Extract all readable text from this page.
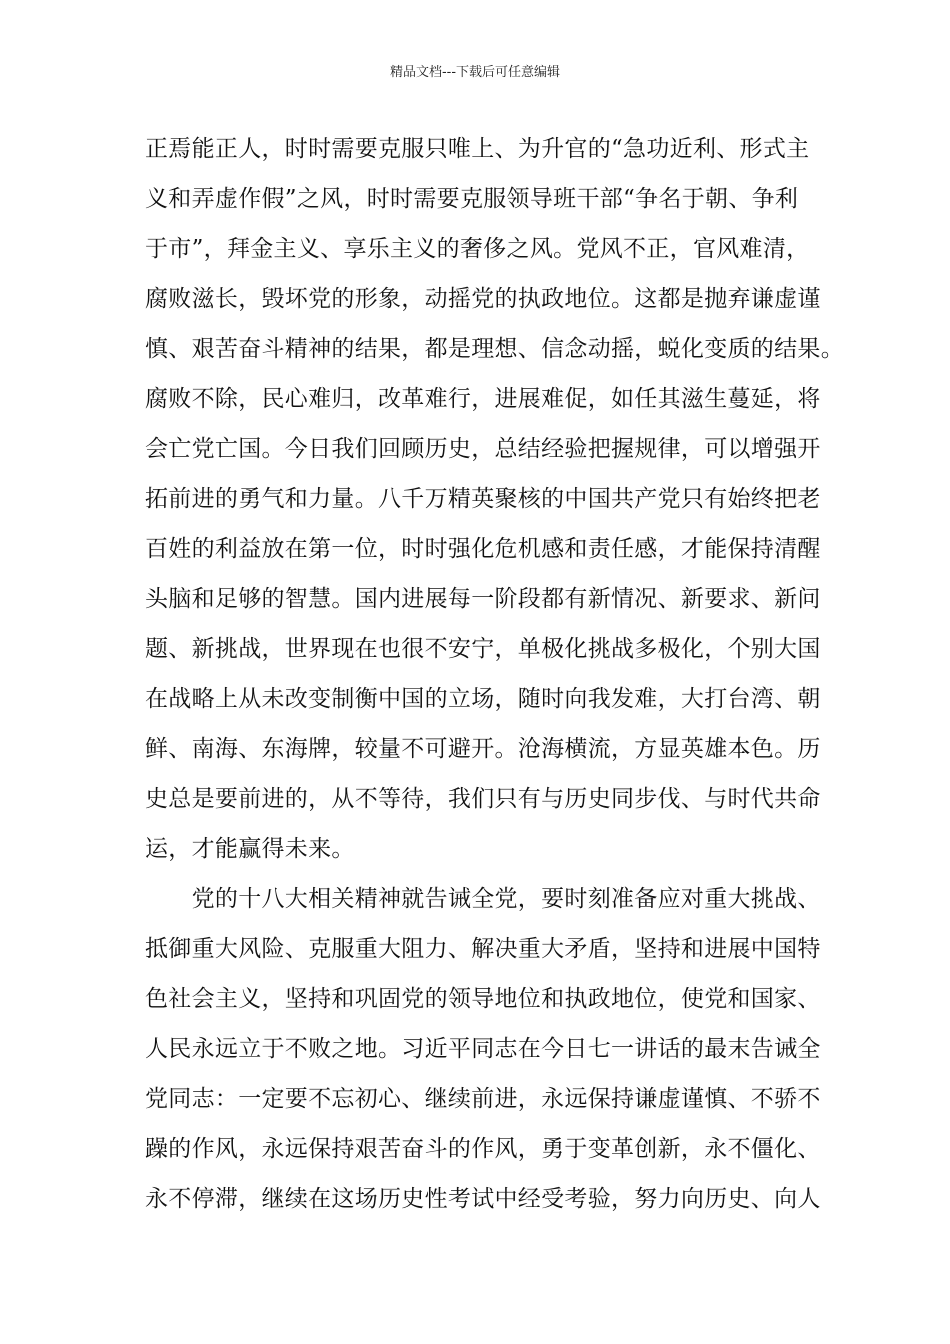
精品文档---下载后可任意编辑
正焉能正人，时时需要克服只唯上、为升官的“急功近利、形式主
义和弄虚作假”之风，时时需要克服领导班干部“争名于朝、争利
于市”，拜金主义、享乐主义的奢侈之风。党风不正，官风难清，
腐败滋长，毁坏党的形象，动摇党的执政地位。这都是抛弃谦虚谨
慎、艰苦奋斗精神的结果，都是理想、信念动摇，蜕化变质的结果。
腐败不除，民心难归，改革难行，进展难促，如任其滋生蔓延，将
会亡党亡国。今日我们回顾历史，总结经验把握规律，可以增强开
拓前进的勇气和力量。八千万精英聚核的中国共产党只有始终把老
百姓的利益放在第一位，时时强化危机感和责任感，才能保持清醒
头脑和足够的智慧。国内进展每一阶段都有新情况、新要求、新问
题、新挑战，世界现在也很不安宁，单极化挑战多极化，个别大国
在战略上从未改变制衡中国的立场，随时向我发难，大打台湾、朝
鲜、南海、东海牌，较量不可避开。沧海横流，方显英雄本色。历
史总是要前进的，从不等待，我们只有与历史同步伐、与时代共命
运，才能赢得未来。
　　党的十八大相关精神就告诫全党，要时刻准备应对重大挑战、
抵御重大风险、克服重大阻力、解决重大矛盾，坚持和进展中国特
色社会主义，坚持和巩固党的领导地位和执政地位，使党和国家、
人民永远立于不败之地。习近平同志在今日七一讲话的最末告诫全
党同志：一定要不忘初心、继续前进，永远保持谦虚谨慎、不骄不
躁的作风，永远保持艰苦奋斗的作风，勇于变革创新，永不僵化、
永不停滞，继续在这场历史性考试中经受考验，努力向历史、向人
